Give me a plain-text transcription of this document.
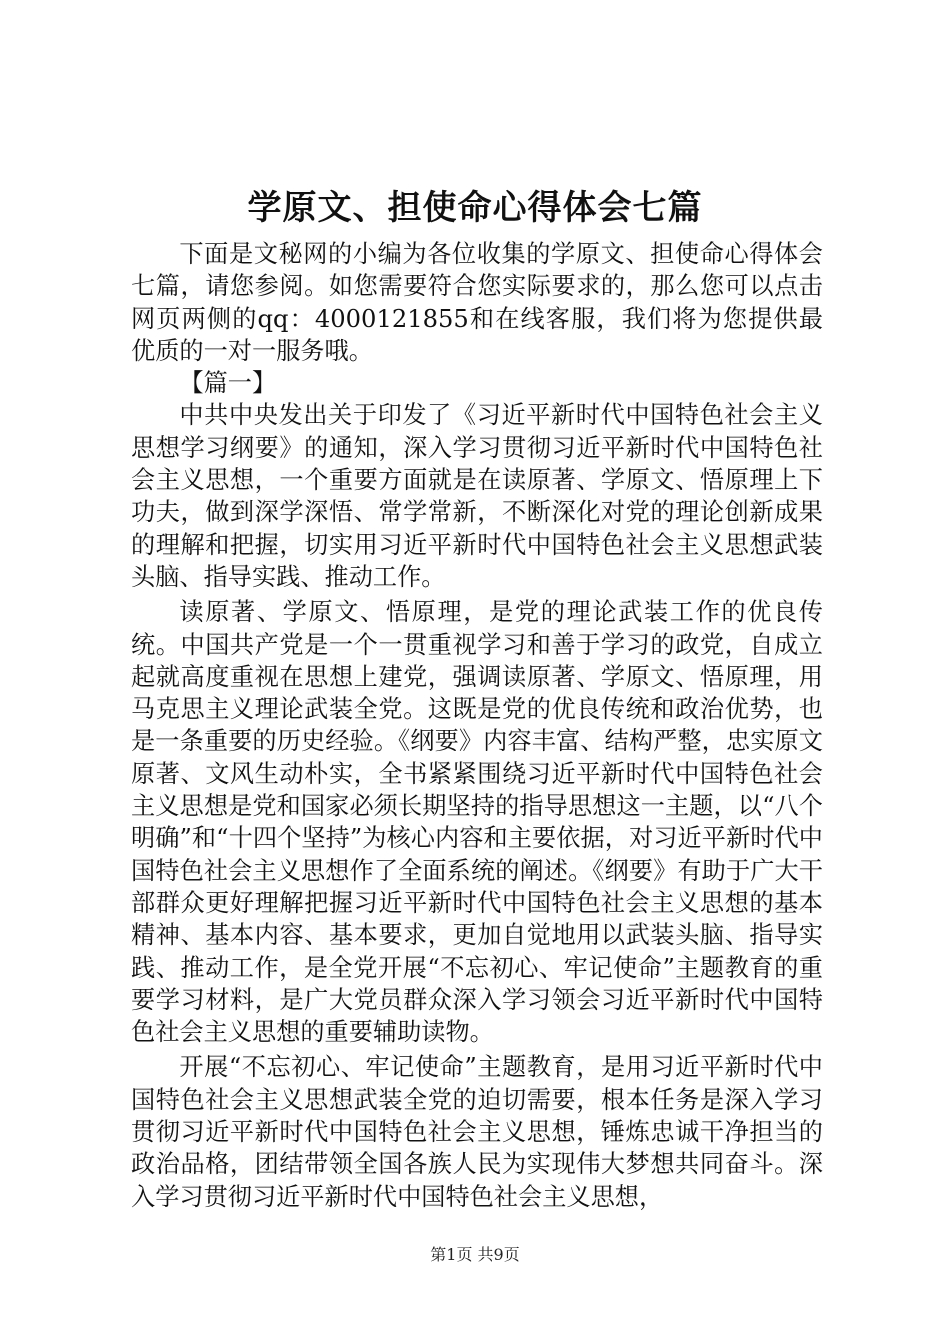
学原文、担使命心得体会七篇

下面是文秘网的小编为各位收集的学原文、担使命心得体会七篇，请您参阅。如您需要符合您实际要求的，那么您可以点击网页两侧的qq：4000121855和在线客服，我们将为您提供最优质的一对一服务哦。

【篇一】

中共中央发出关于印发了《习近平新时代中国特色社会主义思想学习纲要》的通知，深入学习贯彻习近平新时代中国特色社会主义思想，一个重要方面就是在读原著、学原文、悟原理上下功夫，做到深学深悟、常学常新，不断深化对党的理论创新成果的理解和把握，切实用习近平新时代中国特色社会主义思想武装头脑、指导实践、推动工作。

读原著、学原文、悟原理，是党的理论武装工作的优良传统。中国共产党是一个一贯重视学习和善于学习的政党，自成立起就高度重视在思想上建党，强调读原著、学原文、悟原理，用马克思主义理论武装全党。这既是党的优良传统和政治优势，也是一条重要的历史经验。《纲要》内容丰富、结构严整，忠实原文原著、文风生动朴实，全书紧紧围绕习近平新时代中国特色社会主义思想是党和国家必须长期坚持的指导思想这一主题，以“八个明确”和“十四个坚持”为核心内容和主要依据，对习近平新时代中国特色社会主义思想作了全面系统的阐述。《纲要》有助于广大干部群众更好理解把握习近平新时代中国特色社会主义思想的基本精神、基本内容、基本要求，更加自觉地用以武装头脑、指导实践、推动工作，是全党开展“不忘初心、牢记使命”主题教育的重要学习材料，是广大党员群众深入学习领会习近平新时代中国特色社会主义思想的重要辅助读物。

开展“不忘初心、牢记使命”主题教育，是用习近平新时代中国特色社会主义思想武装全党的迫切需要，根本任务是深入学习贯彻习近平新时代中国特色社会主义思想，锤炼忠诚干净担当的政治品格，团结带领全国各族人民为实现伟大梦想共同奋斗。深入学习贯彻习近平新时代中国特色社会主义思想，

第1页 共9页
